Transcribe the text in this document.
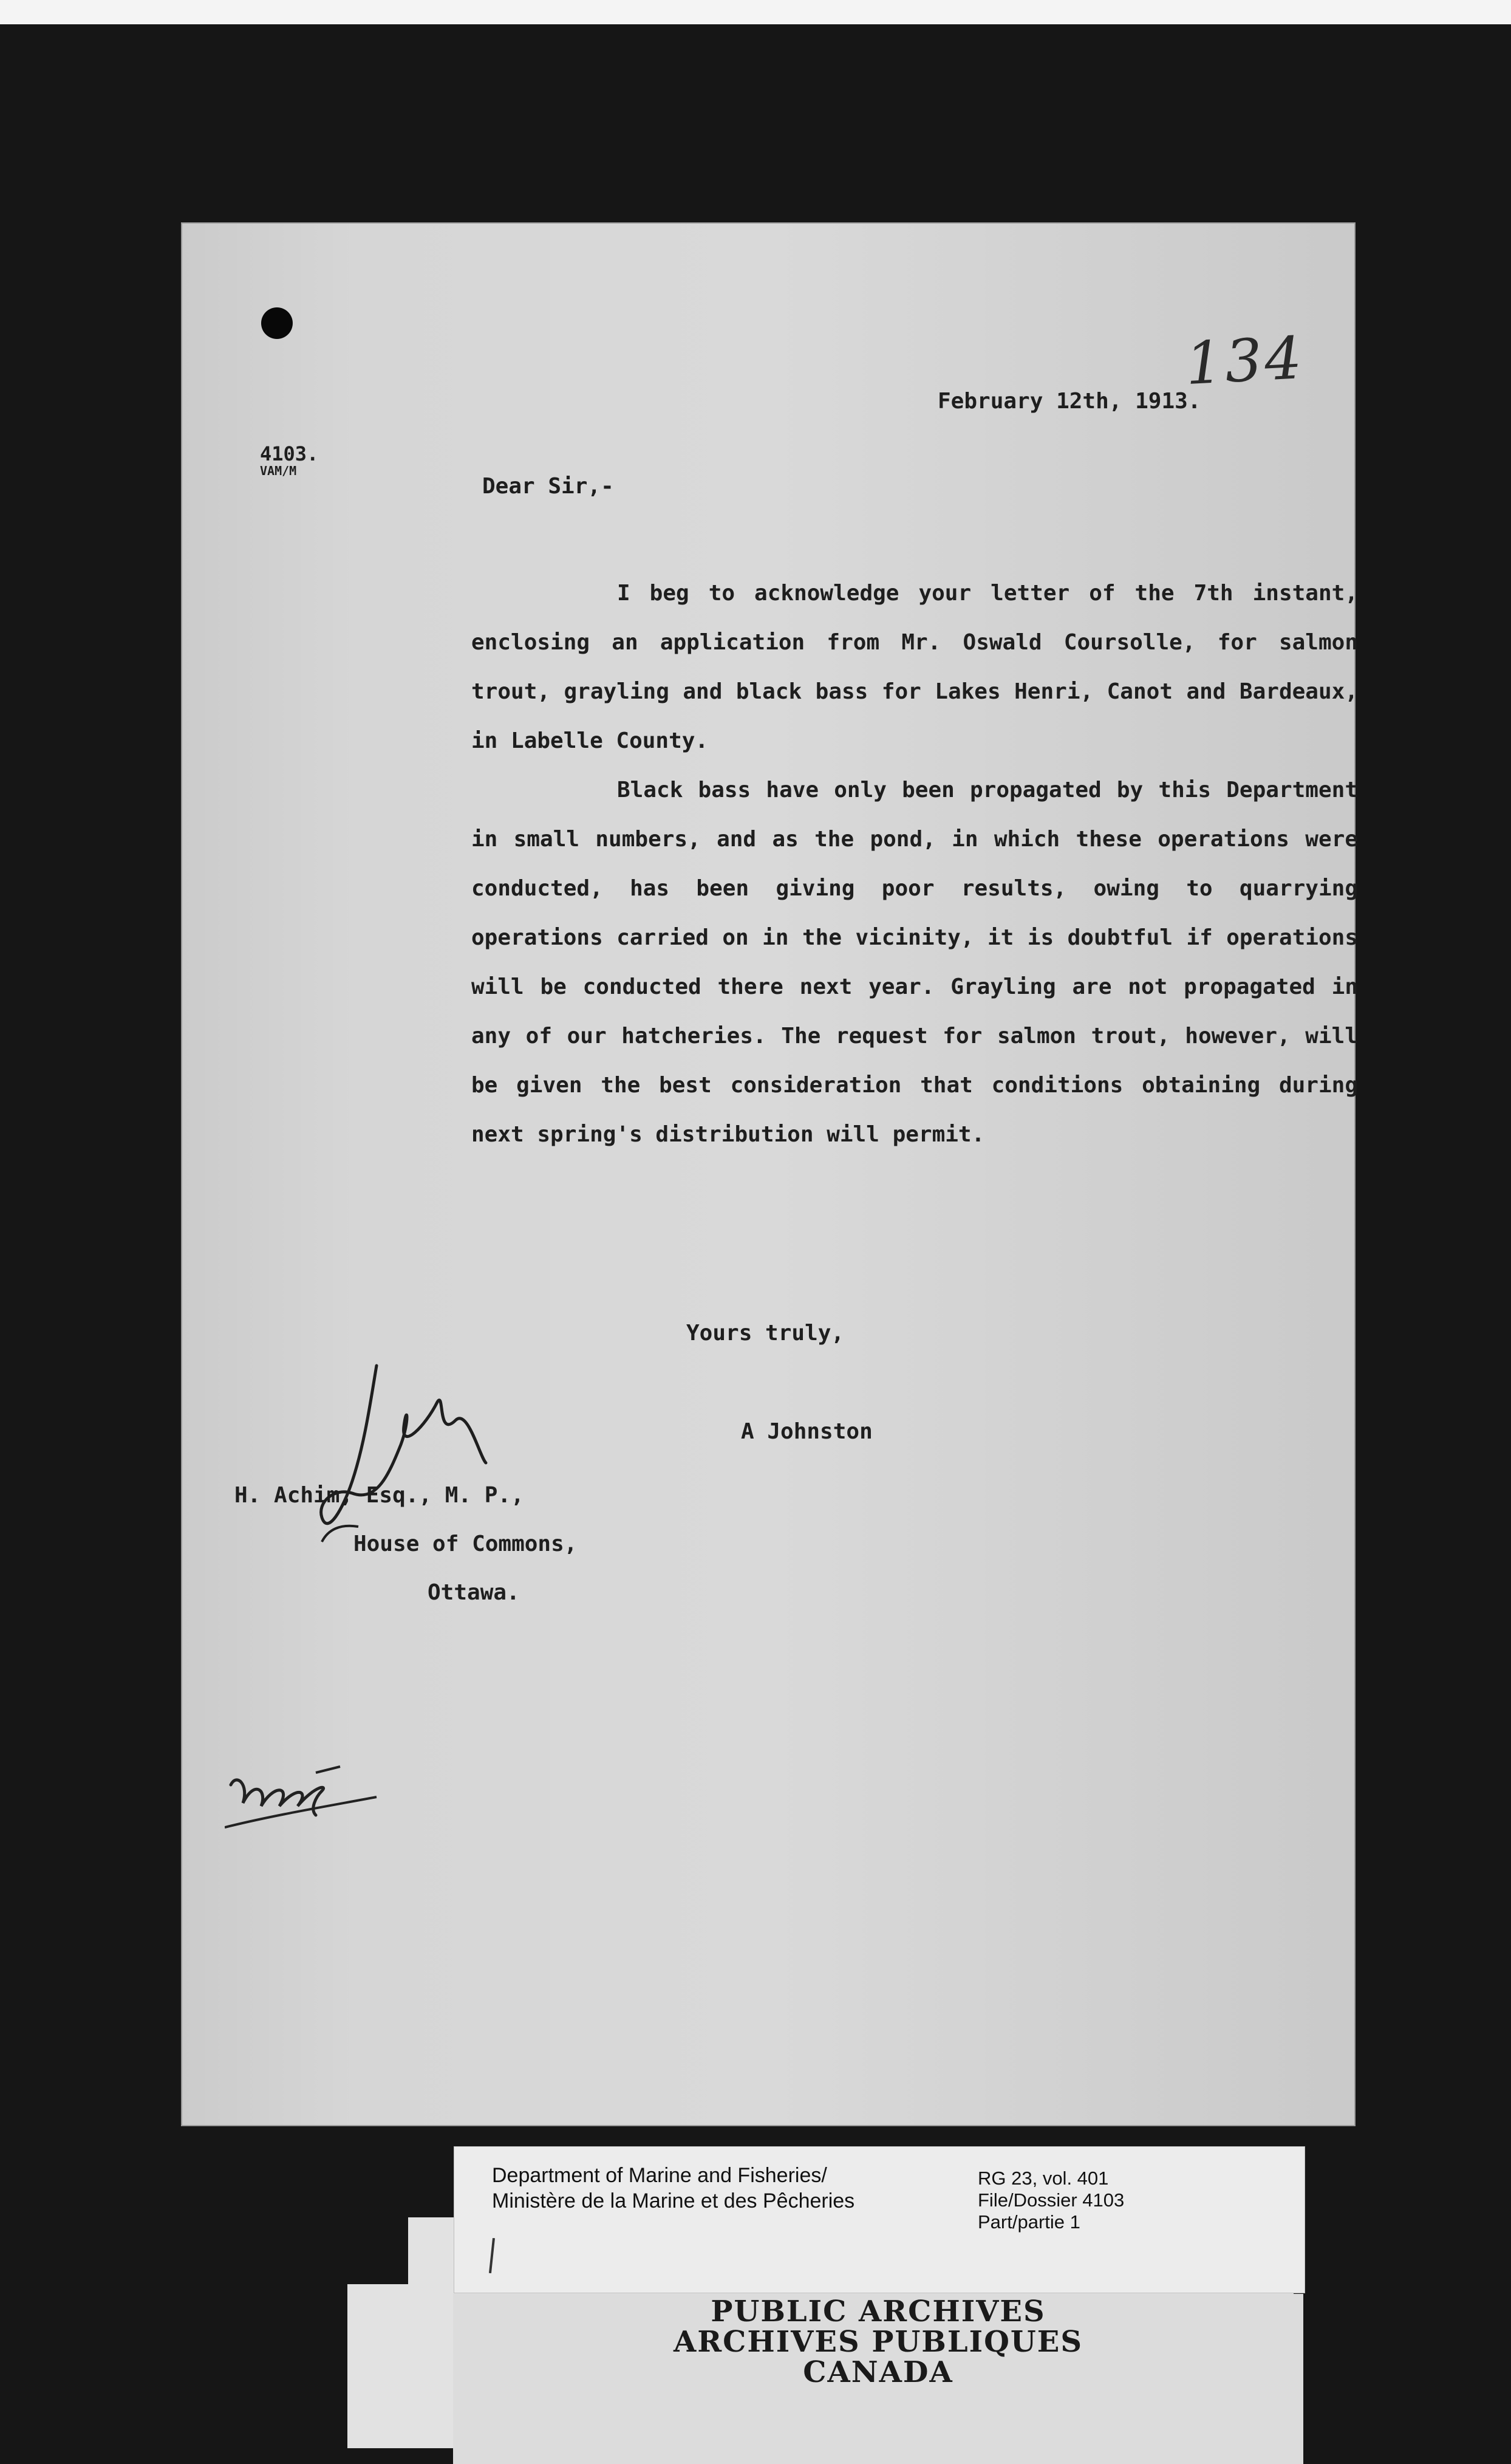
134
February 12th, 1913.
4103.
VAM/M
Dear Sir,-

I beg to acknowledge your letter of the 7th instant, enclosing an application from Mr. Oswald Coursolle, for salmon trout, grayling and black bass for Lakes Henri, Canot and Bardeaux, in Labelle County.

Black bass have only been propagated by this Department in small numbers, and as the pond, in which these operations were conducted, has been giving poor results, owing to quarrying operations carried on in the vicinity, it is doubtful if operations will be conducted there next year. Grayling are not propagated in any of our hatcheries. The request for salmon trout, however, will be given the best consideration that conditions obtaining during next spring's distribution will permit.

Yours truly,
A Johnston
H. Achim, Esq., M. P.,
House of Commons,
Ottawa.
Department of Marine and Fisheries/
Ministère de la Marine et des Pêcheries
RG 23, vol. 401
File/Dossier 4103
Part/partie 1
PUBLIC ARCHIVES
ARCHIVES PUBLIQUES
CANADA
